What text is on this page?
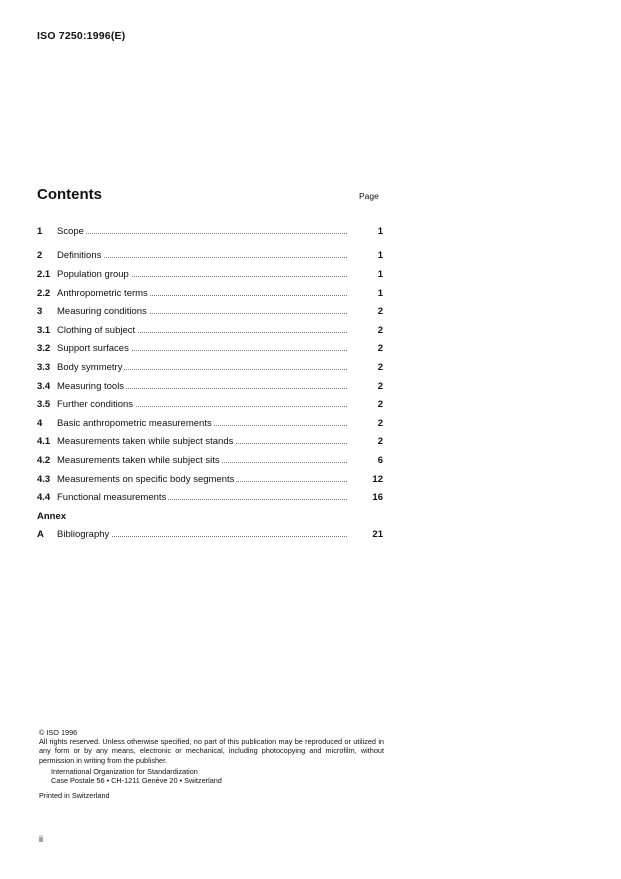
ISO 7250:1996(E)
Contents	Page
1	Scope	1
2	Definitions	1
2.1 Population group	1
2.2 Anthropometric terms	1
3	Measuring conditions	2
3.1 Clothing of subject	2
3.2 Support surfaces	2
3.3 Body symmetry	2
3.4 Measuring tools	2
3.5 Further conditions	2
4	Basic anthropometric measurements	2
4.1 Measurements taken while subject stands	2
4.2 Measurements taken while subject sits	6
4.3 Measurements on specific body segments	12
4.4 Functional measurements	16
Annex
A	Bibliography	21

© ISO 1996

All rights reserved. Unless otherwise specified, no part of this publication may be reproduced or utilized in any form or by any means, electronic or mechanical, including photocopying and microfilm, without permission in writing from the publisher.

International Organization for Standardization

Case Postale 56 • CH-1211 Genève 20 • Switzerland

Printed in Switzerland

ii
